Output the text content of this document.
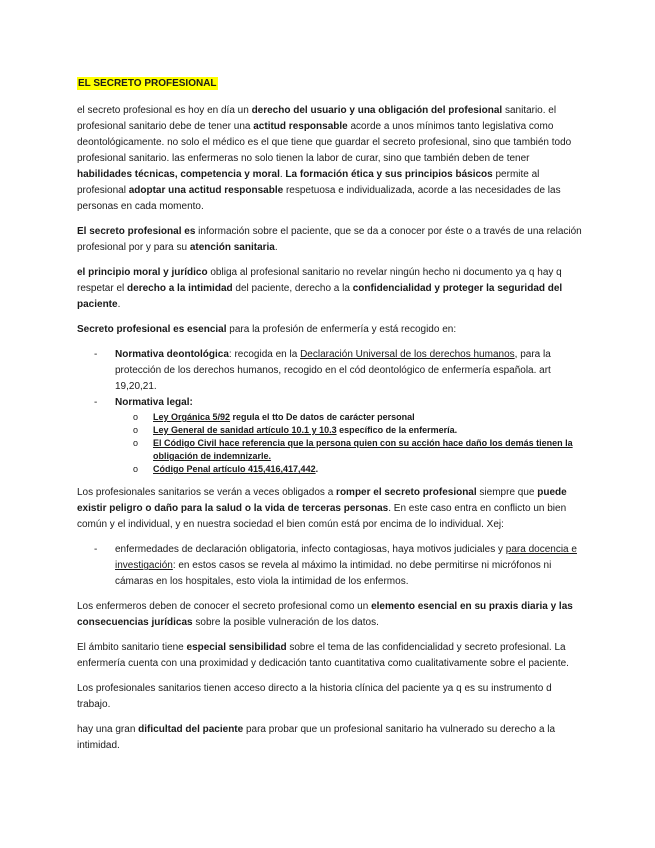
EL SECRETO PROFESIONAL

el secreto profesional es hoy en día un derecho del usuario y una obligación del profesional sanitario. el profesional sanitario debe de tener una actitud responsable acorde a unos mínimos tanto legislativa como deontológicamente. no solo el médico es el que tiene que guardar el secreto profesional, sino que también todo profesional sanitario. las enfermeras no solo tienen la labor de curar, sino que también deben de tener habilidades técnicas, competencia y moral. La formación ética y sus principios básicos permite al profesional adoptar una actitud responsable respetuosa e individualizada, acorde a las necesidades de las personas en cada momento.

El secreto profesional es información sobre el paciente, que se da a conocer por éste o a través de una relación profesional por y para su atención sanitaria.

el principio moral y jurídico obliga al profesional sanitario no revelar ningún hecho ni documento ya q hay q respetar el derecho a la intimidad del paciente, derecho a la confidencialidad y proteger la seguridad del paciente.

Secreto profesional es esencial para la profesión de enfermería y está recogido en:

- Normativa deontológica: recogida en la Declaración Universal de los derechos humanos, para la protección de los derechos humanos, recogido en el cód deontológico de enfermería española. art 19,20,21.
- Normativa legal:
o Ley Orgánica 5/92 regula el tto De datos de carácter personal
o Ley General de sanidad artículo 10.1 y 10.3 específico de la enfermería.
o El Código Civil hace referencia que la persona quien con su acción hace daño los demás tienen la obligación de indemnizarle.
o Código Penal artículo 415,416,417,442.

Los profesionales sanitarios se verán a veces obligados a romper el secreto profesional siempre que puede existir peligro o daño para la salud o la vida de terceras personas. En este caso entra en conflicto un bien común y el individual, y en nuestra sociedad el bien común está por encima de lo individual. Xej:

- enfermedades de declaración obligatoria, infecto contagiosas, haya motivos judiciales y para docencia e investigación: en estos casos se revela al máximo la intimidad. no debe permitirse ni micrófonos ni cámaras en los hospitales, esto viola la intimidad de los enfermos.

Los enfermeros deben de conocer el secreto profesional como un elemento esencial en su praxis diaria y las consecuencias jurídicas sobre la posible vulneración de los datos.

El ámbito sanitario tiene especial sensibilidad sobre el tema de las confidencialidad y secreto profesional. La enfermería cuenta con una proximidad y dedicación tanto cuantitativa como cualitativamente sobre el paciente.

Los profesionales sanitarios tienen acceso directo a la historia clínica del paciente ya q es su instrumento d trabajo.

hay una gran dificultad del paciente para probar que un profesional sanitario ha vulnerado su derecho a la intimidad.
